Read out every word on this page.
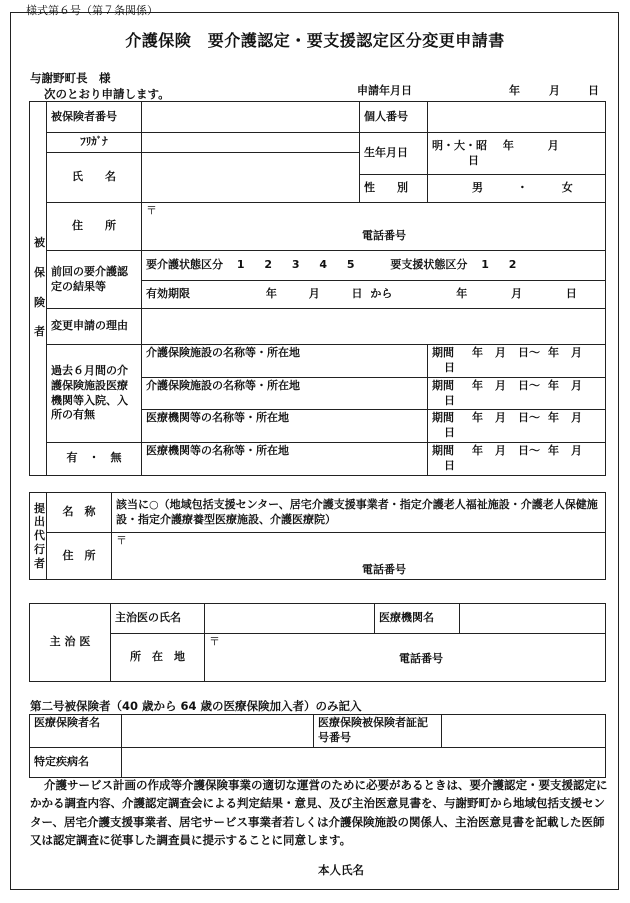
様式第６号（第７条関係）
介護保険　要介護認定・要支援認定区分変更申請書
与謝野町長　様
次のとおり申請します。	申請年月日	年	月	日
被

保

険

者	被保険者番号		個人番号	

	ﾌﾘｶﾞﾅ		生年月日	明・大・昭 年 月 日
	氏　　名			
			性　　別	男 ・ 女
	住　　所	〒
電話番号		

	前回の要介護認定の結果等	要介護状態区分 1 2 3 4 5 要支援状態区分 1 2		
		有効期限 年 月 日 から 年 月 日		
	変更申請の理由			
	過去６月間の介護保険施設医療機関等入院、入所の有無	介護保険施設の名称等・所在地		期間 年 月 日～ 年 月日
		介護保険施設の名称等・所在地		期間 年 月 日～ 年 月日
		医療機関等の名称等・所在地		期間 年 月 日～ 年 月日
	有　・　無	医療機関等の名称等・所在地		期間 年 月 日～ 年 月日
提
出
代
行
者	名　称	該当に○（地域包括支援センター、居宅介護支援事業者・指定介護老人福祉施設・介護老人保健施設・指定介護療養型医療施設、介護医療院）
	住　所	〒
電話番号
主 治 医	主治医の氏名		医療機関名	
	所　在　地	〒
電話番号		
第二号被保険者（40 歳から 64 歳の医療保険加入者）のみ記入
医療保険者名		医療保険被保険者証記号番号	
特定疾病名			
介護サービス計画の作成等介護保険事業の適切な運営のために必要があるときは、要介護認定・要支援認定にかかる調査内容、介護認定調査会による判定結果・意見、及び主治医意見書を、与謝野町から地域包括支援センター、居宅介護支援事業者、居宅サービス事業者若しくは介護保険施設の関係人、主治医意見書を記載した医師又は認定調査に従事した調査員に提示することに同意します。
本人氏名
